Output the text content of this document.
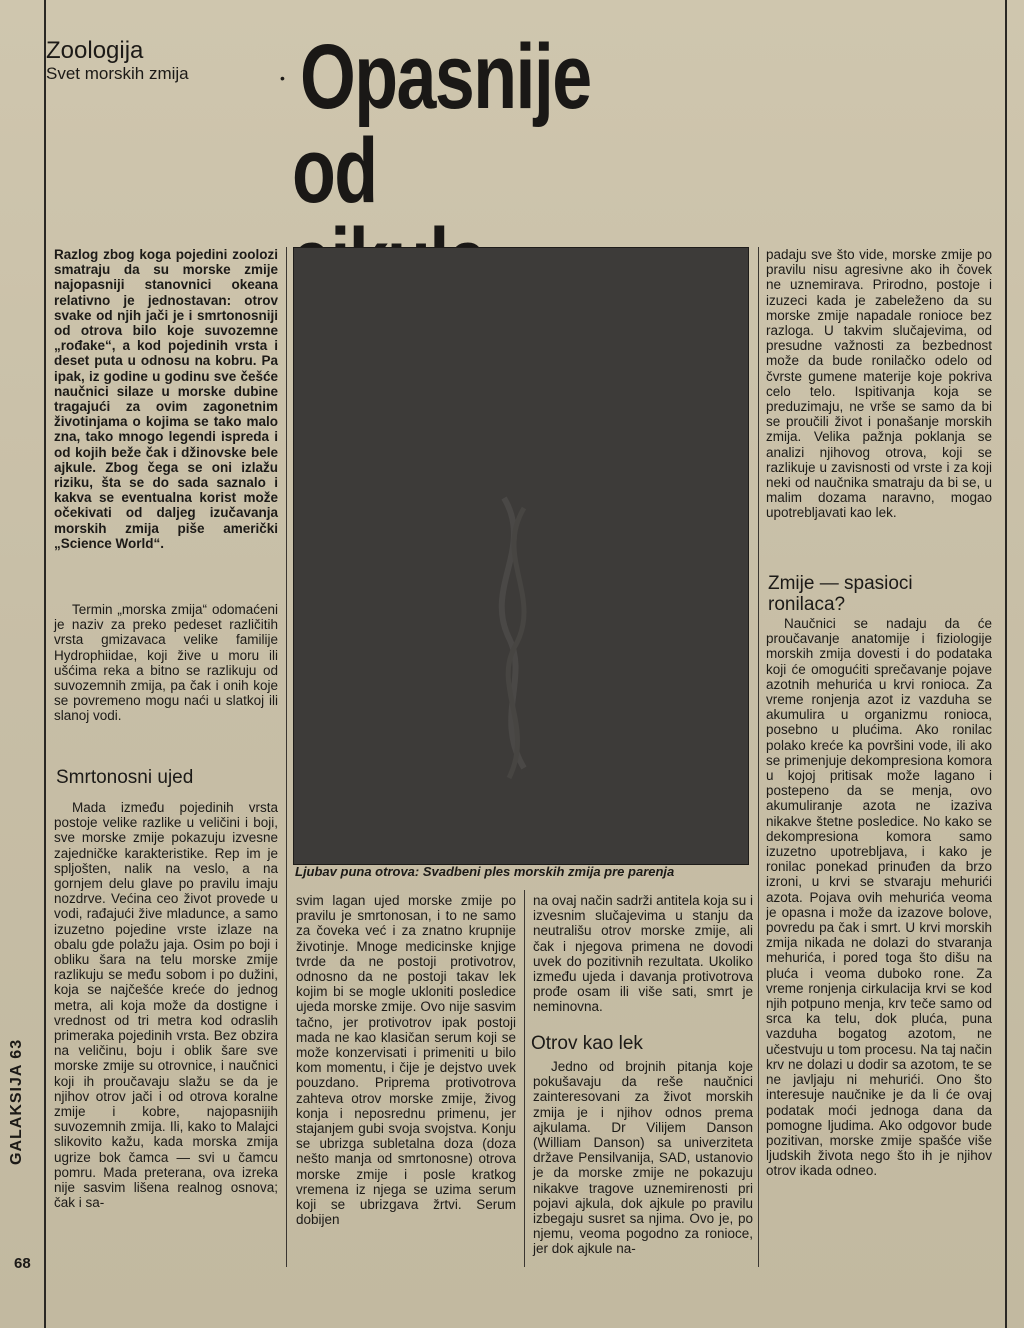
Zoologija
Svet morskih zmija	• Opasnije
od
Razlog zbog koga pojedini zoolozi smatraju da su morske zmije najopasniji stanovnici okeana relativno je jednostavan: otrov svake od njih jači je i smrtonosniji od otrova bilo koje suvozemne „rođake“, a kod pojedinih vrsta i deset puta u odnosu na kobru. Pa ipak, iz godine u godinu sve češće naučnici silaze u morske dubine tragajući za ovim zagonetnim životinjama o kojima se tako malo zna, tako mnogo legendi ispreda i od kojih beže čak i džinovske bele ajkule. Zbog čega se oni izlažu riziku, šta se do sada saznalo i kakva se eventualna korist može očekivati od daljeg izučavanja morskih zmija piše američki „Science World“.
Termin „morska zmija“ odomaćeni je naziv za preko pedeset različitih vrsta gmizavaca velike familije Hydrophiidae, koji žive u moru ili ušćima reka a bitno se razlikuju od suvozemnih zmija, pa čak i onih koje se povremeno mogu naći u slatkoj ili slanoj vodi.
Smrtonosni ujed
Mada između pojedinih vrsta postoje velike razlike u veličini i boji, sve morske zmije pokazuju izvesne zajedničke karakteristike. Rep im je spljošten, nalik na veslo, a na gornjem delu glave po pravilu imaju nozdrve. Većina ceo život provede u vodi, rađajući žive mladunce, a samo izuzetno pojedine vrste izlaze na obalu gde polažu jaja. Osim po boji i obliku šara na telu morske zmije razlikuju se među sobom i po dužini, koja se najčešće kreće do jednog metra, ali koja može da dostigne i vrednost od tri metra kod odraslih primeraka pojedinih vrsta. Bez obzira na veličinu, boju i oblik šare sve morske zmije su otrovnice, i naučnici koji ih proučavaju slažu se da je njihov otrov jači i od otrova koralne zmije i kobre, najopasnijih suvozemnih zmija. Ili, kako to Malajci slikovito kažu, kada morska zmija ugrize bok čamca — svi u čamcu pomru. Mada preterana, ova izreka nije sasvim lišena realnog osnova; čak i sa-
Ljubav puna otrova: Svadbeni ples morskih zmija pre parenja
svim lagan ujed morske zmije po pravilu je smrtonosan, i to ne samo za čoveka već i za znatno krupnije životinje. Mnoge medicinske knjige tvrde da ne postoji protivotrov, odnosno da ne postoji takav lek kojim bi se mogle ukloniti posledice ujeda morske zmije. Ovo nije sasvim tačno, jer protivotrov ipak postoji mada ne kao klasičan serum koji se može konzervisati i primeniti u bilo kom momentu, i čije je dejstvo uvek pouzdano. Priprema protivotrova zahteva otrov morske zmije, živog konja i neposrednu primenu, jer stajanjem gubi svoja svojstva. Konju se ubrizga subletalna doza (doza nešto manja od smrtonosne) otrova morske zmije i posle kratkog vremena iz njega se uzima serum koji se ubrizgava žrtvi. Serum dobijen
na ovaj način sadrži antitela koja su i izvesnim slučajevima u stanju da neutrališu otrov morske zmije, ali čak i njegova primena ne dovodi uvek do pozitivnih rezultata. Ukoliko između ujeda i davanja protivotrova prođe osam ili više sati, smrt je neminovna.
Otrov kao lek
Jedno od brojnih pitanja koje pokušavaju da reše naučnici zainteresovani za život morskih zmija je i njihov odnos prema ajkulama. Dr Vilijem Danson (William Danson) sa univerziteta države Pensilvanija, SAD, ustanovio je da morske zmije ne pokazuju nikakve tragove uznemirenosti pri pojavi ajkula, dok ajkule po pravilu izbegaju susret sa njima. Ovo je, po njemu, veoma pogodno za ronioce, jer dok ajkule na-
padaju sve što vide, morske zmije po pravilu nisu agresivne ako ih čovek ne uznemirava. Prirodno, postoje i izuzeci kada je zabeleženo da su morske zmije napadale ronioce bez razloga. U takvim slučajevima, od presudne važnosti za bezbednost može da bude ronilačko odelo od čvrste gumene materije koje pokriva celo telo. Ispitivanja koja se preduzimaju, ne vrše se samo da bi se proučili život i ponašanje morskih zmija. Velika pažnja poklanja se analizi njihovog otrova, koji se razlikuje u zavisnosti od vrste i za koji neki od naučnika smatraju da bi se, u malim dozama naravno, mogao upotrebljavati kao lek.
Zmije — spasioci ronilaca?
Naučnici se nadaju da će proučavanje anatomije i fiziologije morskih zmija dovesti i do podataka koji će omogućiti sprečavanje pojave azotnih mehurića u krvi ronioca. Za vreme ronjenja azot iz vazduha se akumulira u organizmu ronioca, posebno u plućima. Ako ronilac polako kreće ka površini vode, ili ako se primenjuje dekompresiona komora u kojoj pritisak može lagano i postepeno da se menja, ovo akumuliranje azota ne izaziva nikakve štetne posledice. No kako se dekompresiona komora samo izuzetno upotrebljava, i kako je ronilac ponekad prinuđen da brzo izroni, u krvi se stvaraju mehurići azota. Pojava ovih mehurića veoma je opasna i može da izazove bolove, povredu pa čak i smrt. U krvi morskih zmija nikada ne dolazi do stvaranja mehurića, i pored toga što dišu na pluća i veoma duboko rone. Za vreme ronjenja cirkulacija krvi se kod njih potpuno menja, krv teče samo od srca ka telu, dok pluća, puna vazduha bogatog azotom, ne učestvuju u tom procesu. Na taj način krv ne dolazi u dodir sa azotom, te se ne javljaju ni mehurići. Ono što interesuje naučnike je da li će ovaj podatak moći jednoga dana da pomogne ljudima. Ako odgovor bude pozitivan, morske zmije spašće više ljudskih života nego što ih je njihov otrov ikada odneo.
GALAKSIJA 63
68
